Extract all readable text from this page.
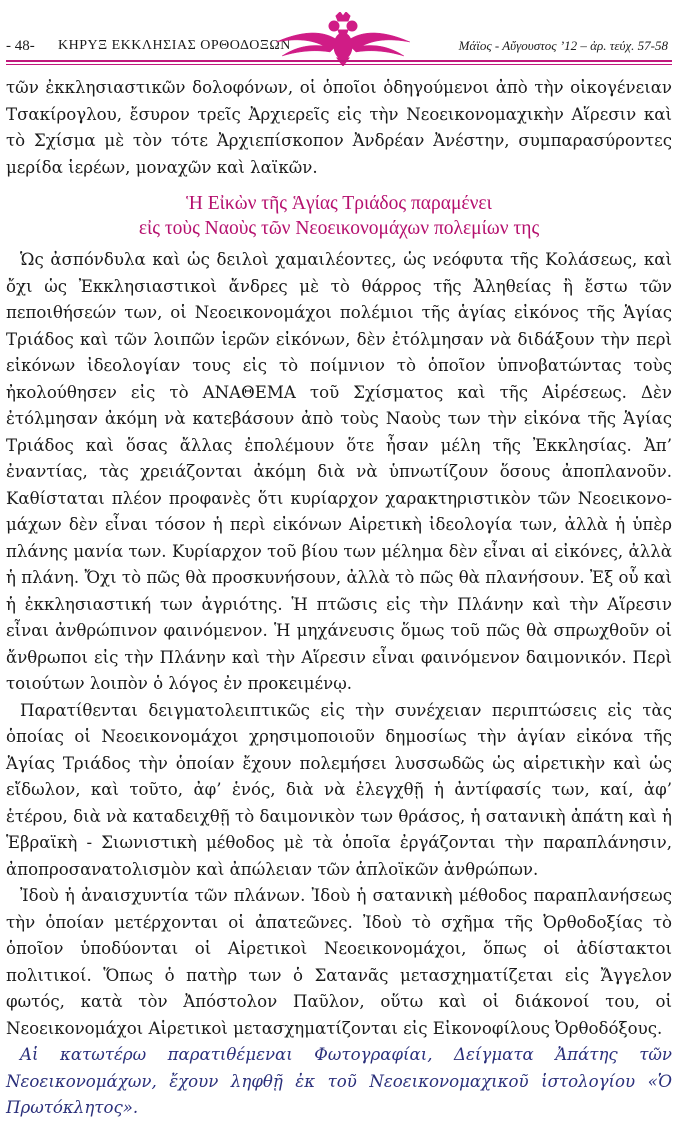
- 48- ΚΗΡΥΞ ΕΚΚΛΗΣΙΑΣ ΟΡΘΟΔΟΞΩΝ	Μάϊος - Αὔγουστος ’12 – ἀρ. τεύχ. 57-58

τῶν ἐκκλησιαστικῶν δολοφόνων, οἱ ὁποῖοι ὁδηγούμενοι ἀπὸ τὴν οἰκογένειαν Τσακίρογλου, ἔσυρον τρεῖς Ἀρχιερεῖς εἰς τὴν Νεοεικονομαχικὴν Αἵρεσιν καὶ τὸ Σχίσμα μὲ τὸν τότε Ἀρχιεπίσκοπον Ἀνδρέαν Ἀνέστην, συμπαρασύροντες μερίδα ἱερέων, μοναχῶν καὶ λαϊκῶν.

Ἡ Εἰκὼν τῆς Ἁγίας Τριάδος παραμένει
εἰς τοὺς Ναοὺς τῶν Νεοεικονομάχων πολεμίων της

Ὡς ἀσπόνδυλα καὶ ὡς δειλοὶ χαμαιλέοντες, ὡς νεόφυτα τῆς Κολάσεως, καὶ ὄχι ὡς Ἐκκλησιαστικοὶ ἄνδρες μὲ τὸ θάρρος τῆς Ἀληθείας ἢ ἔστω τῶν πεποιθήσεών των, οἱ Νεοεικονομάχοι πολέμιοι τῆς ἁγίας εἰκόνος τῆς Ἁγίας Τριάδος καὶ τῶν λοιπῶν ἱερῶν εἰκόνων, δὲν ἐτόλμησαν νὰ διδάξουν τὴν περὶ εἰκόνων ἰδεολογίαν τους εἰς τὸ ποίμνιον τὸ ὁποῖον ὑπνοβατώντας τοὺς ἠκολούθησεν εἰς τὸ ΑΝΑΘΕΜΑ τοῦ Σχίσματος καὶ τῆς Αἱρέσεως. Δὲν ἐτόλμησαν ἀκόμη νὰ κατεβάσουν ἀπὸ τοὺς Ναοὺς των τὴν εἰκόνα τῆς Ἁγίας Τριάδος καὶ ὅσας ἄλλας ἐπολέμουν ὅτε ἦσαν μέλη τῆς Ἐκκλησίας. Ἀπ’ ἐναντίας, τὰς χρειάζονται ἀκόμη διὰ νὰ ὑπνωτίζουν ὅσους ἀποπλανοῦν. Καθίσταται πλέον προφανὲς ὅτι κυρίαρχον χαρακτηριστικὸν τῶν Νεοεικονο- μάχων δὲν εἶναι τόσον ἡ περὶ εἰκόνων Αἱρετικὴ ἰδεολογία των, ἀλλὰ ἡ ὑπὲρ πλάνης μανία των. Κυρίαρχον τοῦ βίου των μέλημα δὲν εἶναι αἱ εἰκόνες, ἀλλὰ ἡ πλάνη. Ὄχι τὸ πῶς θὰ προσκυνήσουν, ἀλλὰ τὸ πῶς θὰ πλανήσουν. Ἐξ οὗ καὶ ἡ ἐκκλησιαστική των ἀγριότης. Ἡ πτῶσις εἰς τὴν Πλάνην καὶ τὴν Αἵρεσιν εἶναι ἀνθρώπινον φαινόμενον. Ἡ μηχάνευσις ὅμως τοῦ πῶς θὰ σπρωχθοῦν οἱ ἄνθρωποι εἰς τὴν Πλάνην καὶ τὴν Αἵρεσιν εἶναι φαινόμενον δαιμονικόν. Περὶ τοιούτων λοιπὸν ὁ λόγος ἐν προκειμένῳ.

Παρατίθενται δειγματολειπτικῶς εἰς τὴν συνέχειαν περιπτώσεις εἰς τὰς ὁποίας οἱ Νεοεικονομάχοι χρησιμοποιοῦν δημοσίως τὴν ἁγίαν εἰκόνα τῆς Ἁγίας Τριάδος τὴν ὁποίαν ἔχουν πολεμήσει λυσσωδῶς ὡς αἱρετικὴν καὶ ὡς εἴδωλον, καὶ τοῦτο, ἀφ’ ἑνός, διὰ νὰ ἐλεγχθῇ ἡ ἀντίφασίς των, καί, ἀφ’ ἑτέρου, διὰ νὰ καταδειχθῇ τὸ δαιμονικὸν των θράσος, ἡ σατανικὴ ἀπάτη καὶ ἡ Ἑβραϊκὴ - Σιωνιστικὴ μέθοδος μὲ τὰ ὁποῖα ἐργάζονται τὴν παραπλάνησιν, ἀποπροσανατολισμὸν καὶ ἀπώλειαν τῶν ἁπλοϊκῶν ἀνθρώπων.

Ἰδοὺ ἡ ἀναισχυντία τῶν πλάνων. Ἰδοὺ ἡ σατανικὴ μέθοδος παραπλανήσεως τὴν ὁποίαν μετέρχονται οἱ ἀπατεῶνες. Ἰδοὺ τὸ σχῆμα τῆς Ὀρθοδοξίας τὸ ὁποῖον ὑποδύονται οἱ Αἱρετικοὶ Νεοεικονομάχοι, ὅπως οἱ ἀδίστακτοι πολιτικοί. Ὅπως ὁ πατὴρ των ὁ Σατανᾶς μετασχηματίζεται εἰς Ἄγγελον φωτός, κατὰ τὸν Ἀπόστολον Παῦλον, οὕτω καὶ οἱ διάκονοί του, οἱ Νεοεικονομάχοι Αἱρετικοὶ μετασχηματίζονται εἰς Εἰκονοφίλους Ὀρθοδόξους.

Αἱ κατωτέρω παρατιθέμεναι Φωτογραφίαι, Δείγματα Ἀπάτης τῶν Νεοεικονομάχων, ἔχουν ληφθῇ ἐκ τοῦ Νεοεικονομαχικοῦ ἱστολογίου «Ὁ Πρωτόκλητος».
